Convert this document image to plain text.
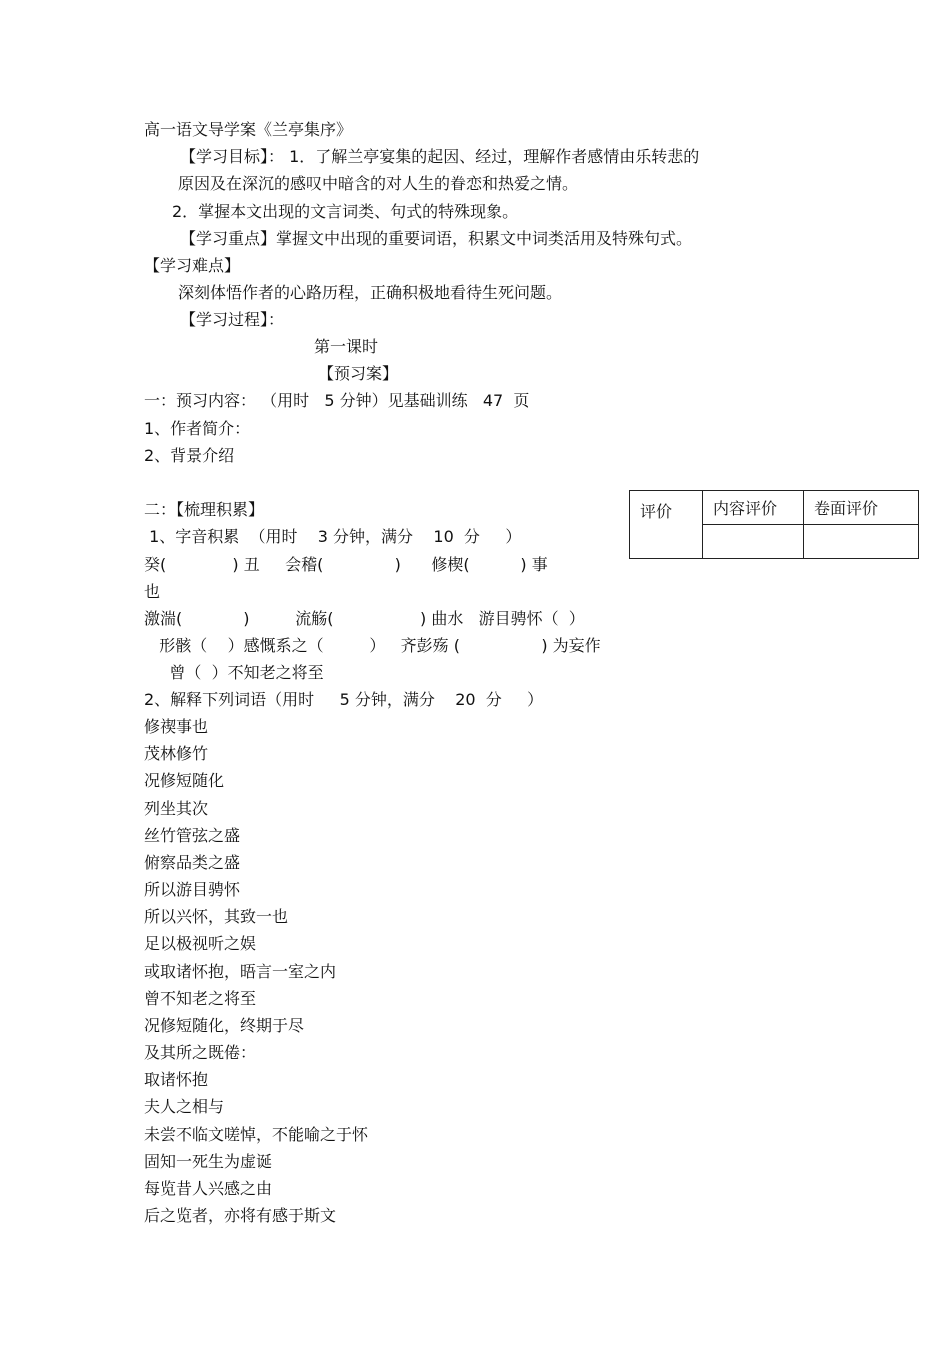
高一语文导学案《兰亭集序》
【学习目标】： 1．了解兰亭宴集的起因、经过，理解作者感情由乐转悲的
原因及在深沉的感叹中暗含的对人生的眷恋和热爱之情。
2．掌握本文出现的文言词类、句式的特殊现象。
【学习重点】掌握文中出现的重要词语，积累文中词类活用及特殊句式。
【学习难点】
深刻体悟作者的心路历程，正确积极地看待生死问题。
【学习过程】：
第一课时
【预习案】
一：预习内容： （用时   5 分钟）见基础训练   47  页
1、作者简介：
2、背景介绍
二：【梳理积累】
1、字音积累  （用时    3 分钟，满分    10  分     ）
癸(             ) 丑     会稽(              )      修楔(          ) 事
也
激湍(            )         流觞(                 ) 曲水   游目骋怀（  ）
形骸（    ）感慨系之（         ）   齐彭殇 (                ) 为妄作
曾（  ）不知老之将至
2、解释下列词语（用时     5 分钟，满分    20  分     ）
修禊事也
茂林修竹
况修短随化
列坐其次
丝竹管弦之盛
俯察品类之盛
所以游目骋怀
所以兴怀，其致一也
足以极视听之娱
或取诸怀抱，晤言一室之内
曾不知老之将至
况修短随化，终期于尽
及其所之既倦：
取诸怀抱
夫人之相与
未尝不临文嗟悼，不能喻之于怀
固知一死生为虚诞
每览昔人兴感之由
后之览者，亦将有感于斯文
评价	内容评价	卷面评价
